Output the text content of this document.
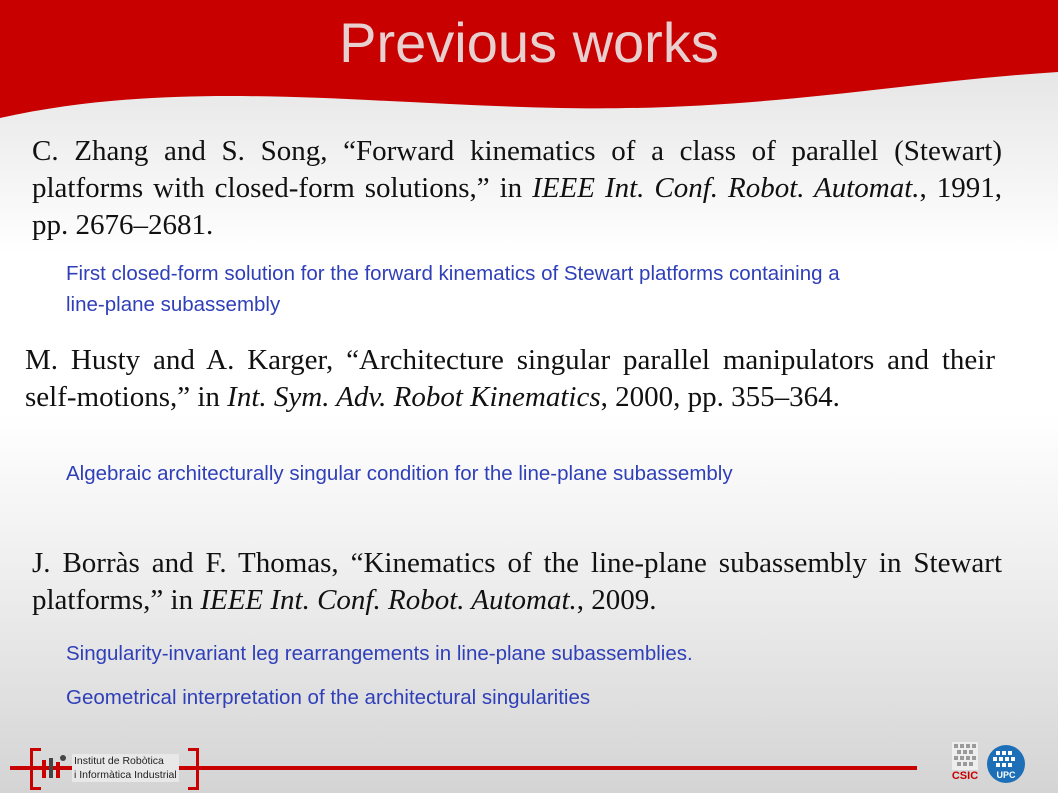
Previous works

C. Zhang and S. Song, “Forward kinematics of a class of parallel (Stewart) platforms with closed-form solutions,” in IEEE Int. Conf. Robot. Automat., 1991, pp. 2676–2681.

First closed-form solution for the forward kinematics of Stewart platforms containing a line-plane subassembly

M. Husty and A. Karger, “Architecture singular parallel manipulators and their self-motions,” in Int. Sym. Adv. Robot Kinematics, 2000, pp. 355–364.

Algebraic architecturally singular condition for the line-plane subassembly

J. Borràs and F. Thomas, “Kinematics of the line-plane subassembly in Stewart platforms,” in IEEE Int. Conf. Robot. Automat., 2009.

Singularity-invariant leg rearrangements in line-plane subassemblies.

Geometrical interpretation of the architectural singularities

Institut de Robòtica
i Informàtica Industrial	CSIC	UPC
